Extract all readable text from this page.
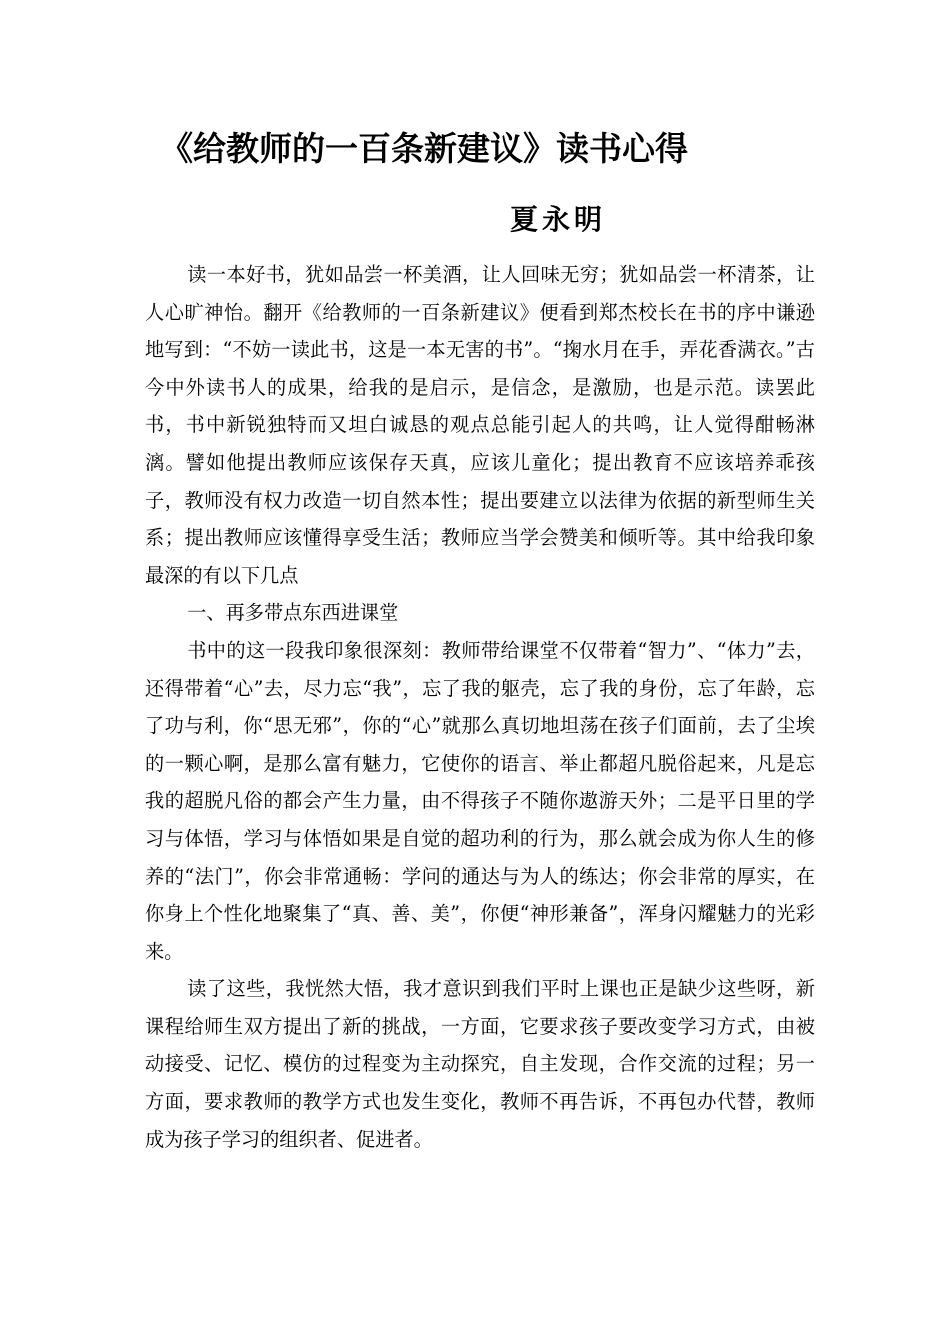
《给教师的一百条新建议》读书心得
夏永明

读一本好书，犹如品尝一杯美酒，让人回味无穷；犹如品尝一杯清茶，让人心旷神怡。翻开《给教师的一百条新建议》便看到郑杰校长在书的序中谦逊地写到：“不妨一读此书，这是一本无害的书”。“掬水月在手，弄花香满衣。”古今中外读书人的成果，给我的是启示，是信念，是激励，也是示范。读罢此书，书中新锐独特而又坦白诚恳的观点总能引起人的共鸣，让人觉得酣畅淋漓。譬如他提出教师应该保存天真，应该儿童化；提出教育不应该培养乖孩子，教师没有权力改造一切自然本性；提出要建立以法律为依据的新型师生关系；提出教师应该懂得享受生活；教师应当学会赞美和倾听等。其中给我印象最深的有以下几点

一、再多带点东西进课堂

书中的这一段我印象很深刻：教师带给课堂不仅带着“智力”、“体力”去，还得带着“心”去，尽力忘“我”，忘了我的躯壳，忘了我的身份，忘了年龄，忘了功与利，你“思无邪”，你的“心”就那么真切地坦荡在孩子们面前，去了尘埃的一颗心啊，是那么富有魅力，它使你的语言、举止都超凡脱俗起来，凡是忘我的超脱凡俗的都会产生力量，由不得孩子不随你遨游天外；二是平日里的学习与体悟，学习与体悟如果是自觉的超功利的行为，那么就会成为你人生的修养的“法门”，你会非常通畅：学问的通达与为人的练达；你会非常的厚实，在你身上个性化地聚集了“真、善、美”，你便“神形兼备”，浑身闪耀魅力的光彩来。

读了这些，我恍然大悟，我才意识到我们平时上课也正是缺少这些呀，新课程给师生双方提出了新的挑战，一方面，它要求孩子要改变学习方式，由被动接受、记忆、模仿的过程变为主动探究，自主发现，合作交流的过程；另一方面，要求教师的教学方式也发生变化，教师不再告诉，不再包办代替，教师成为孩子学习的组织者、促进者。
